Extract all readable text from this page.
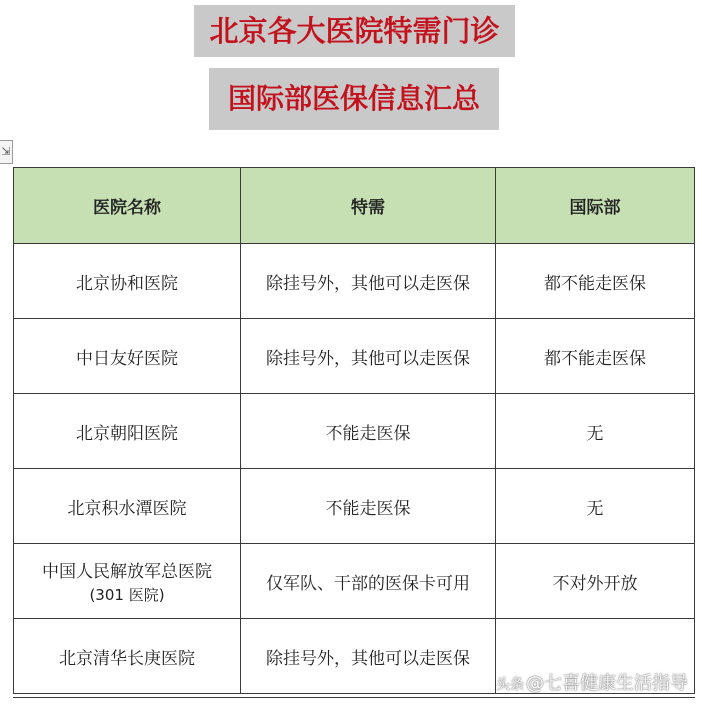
北京各大医院特需门诊
国际部医保信息汇总
⇲
医院名称	特需	国际部
北京协和医院	除挂号外，其他可以走医保	都不能走医保
中日友好医院	除挂号外，其他可以走医保	都不能走医保
北京朝阳医院	不能走医保	无
北京积水潭医院	不能走医保	无
中国人民解放军总医院
(301 医院)	仅军队、干部的医保卡可用	不对外开放
北京清华长庚医院	除挂号外，其他可以走医保	
头条 @七喜健康生活指导
